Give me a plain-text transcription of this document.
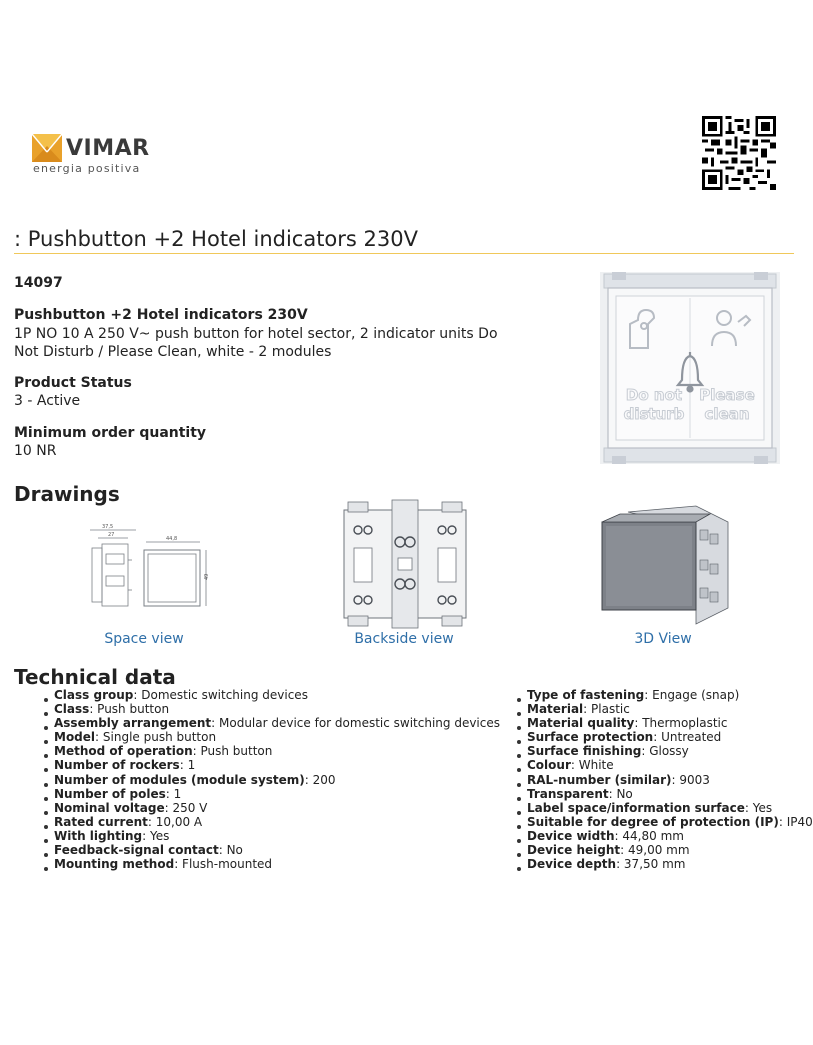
VIMAR
energia positiva
: Pushbutton +2 Hotel indicators 230V
14097
Pushbutton +2 Hotel indicators 230V
1P NO 10 A 250 V~ push button for hotel sector, 2 indicator units Do Not Disturb / Please Clean, white - 2 modules
Product Status
3 - Active
Minimum order quantity
10 NR
Do not
disturb
Please
clean
Drawings
37,5
27
44,8
49
Space view	Backside view	3D View
Technical data
Class group: Domestic switching devices
Class: Push button
Assembly arrangement: Modular device for domestic switching devices
Model: Single push button
Method of operation: Push button
Number of rockers: 1
Number of modules (module system): 200
Number of poles: 1
Nominal voltage: 250 V
Rated current: 10,00 A
With lighting: Yes
Feedback-signal contact: No
Mounting method: Flush-mounted
Type of fastening: Engage (snap)
Material: Plastic
Material quality: Thermoplastic
Surface protection: Untreated
Surface finishing: Glossy
Colour: White
RAL-number (similar): 9003
Transparent: No
Label space/information surface: Yes
Suitable for degree of protection (IP): IP40
Device width: 44,80 mm
Device height: 49,00 mm
Device depth: 37,50 mm
